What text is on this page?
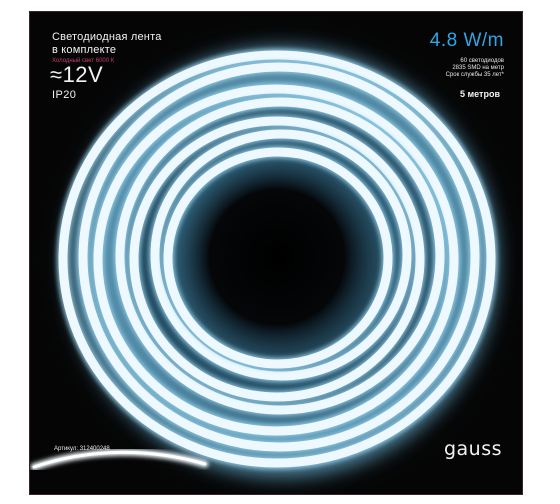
Светодиодная лента

в комплекте

Холодный свет 6000 К

≈12V

IP20

4.8 W/m

60 светодиодов

2835 SMD на метр

Срок службы 35 лет*

5 метров

Артикул: 312400248	gauss
